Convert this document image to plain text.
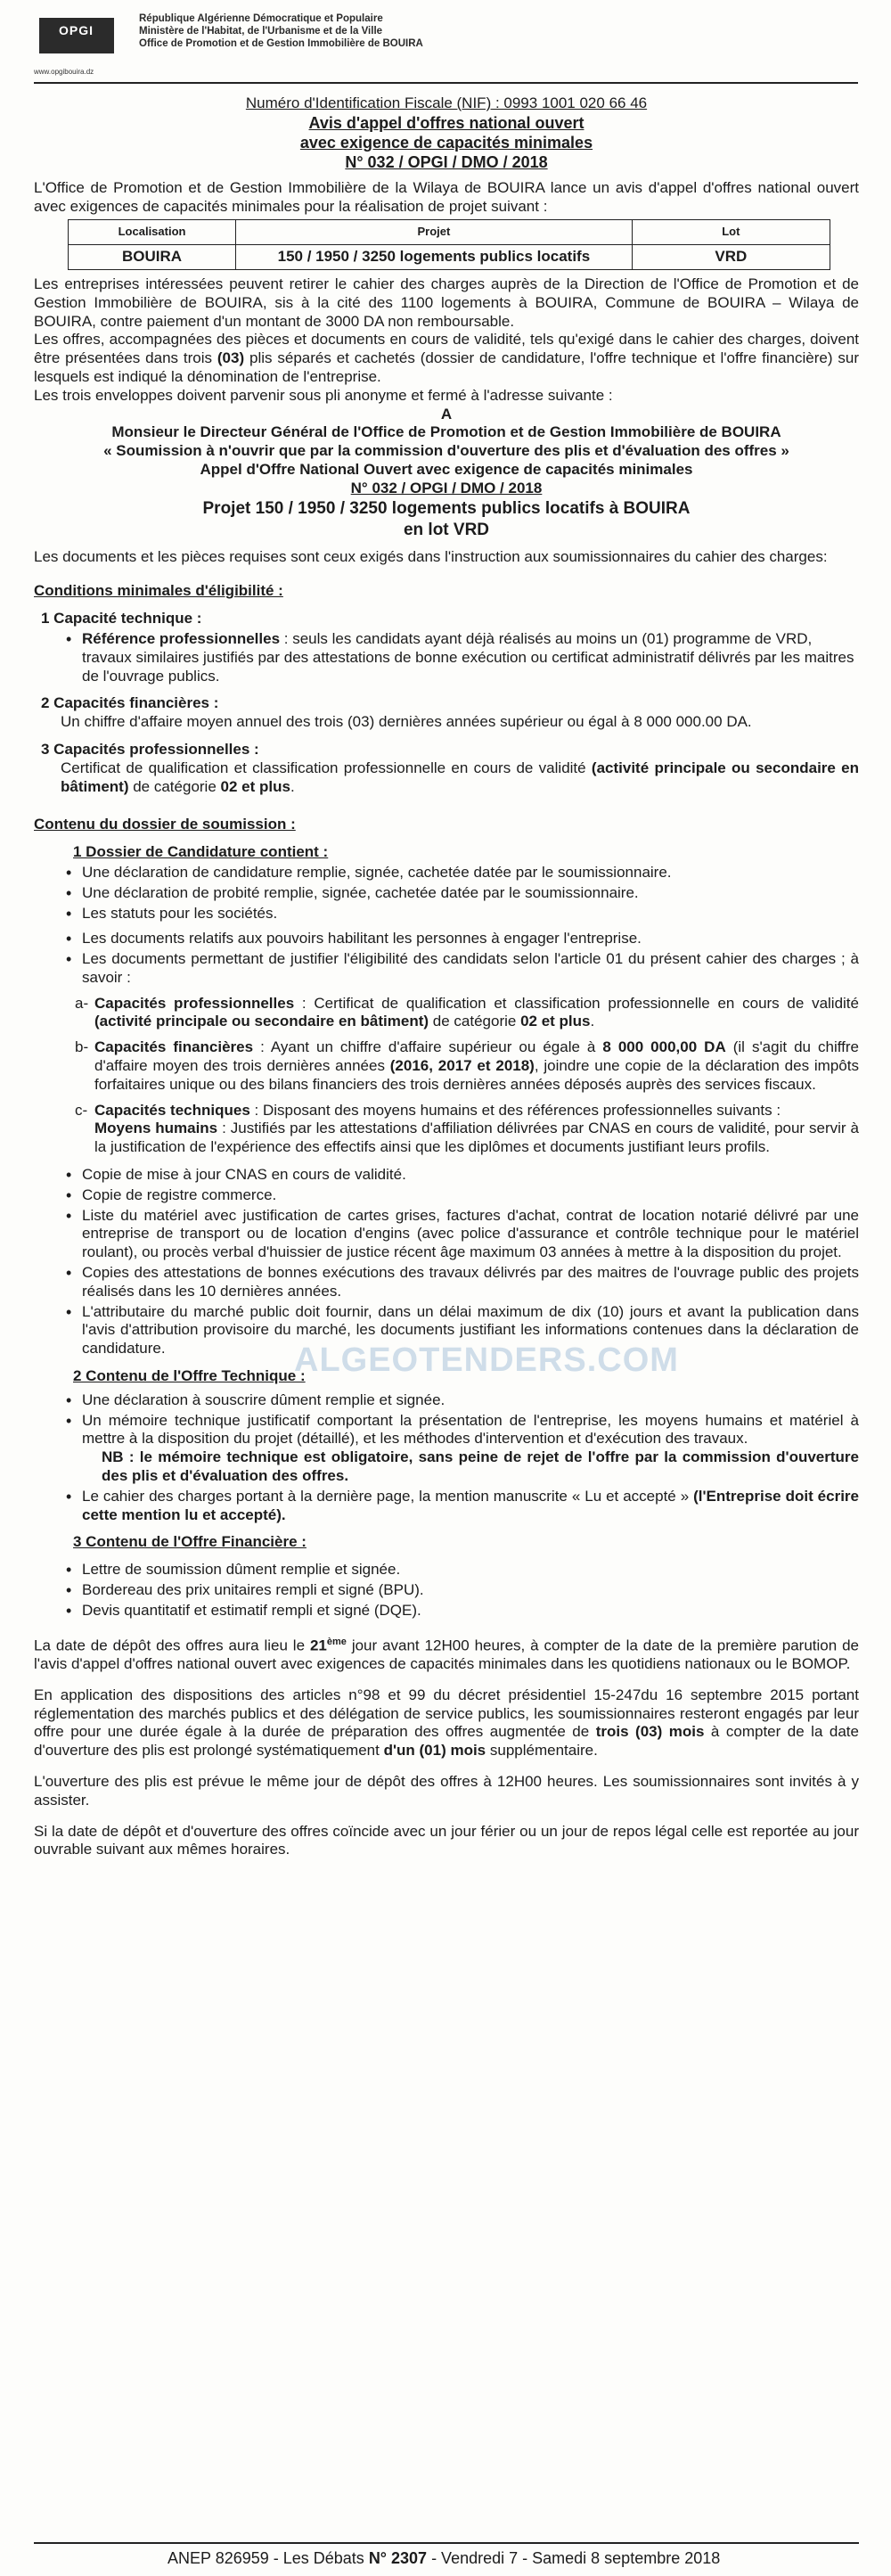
OPGI
www.opgibouira.dz
République Algérienne Démocratique et Populaire
Ministère de l'Habitat, de l'Urbanisme et de la Ville
Office de Promotion et de Gestion Immobilière de BOUIRA
Numéro d'Identification Fiscale (NIF) : 0993 1001 020 66 46
Avis d'appel d'offres national ouvert
avec exigence de capacités minimales
N° 032 / OPGI / DMO / 2018

L'Office de Promotion et de Gestion Immobilière de la Wilaya de BOUIRA lance un avis d'appel d'offres national ouvert avec exigences de capacités minimales pour la réalisation de projet suivant :

Localisation	Projet	Lot
BOUIRA	150 / 1950 / 3250 logements publics locatifs	VRD

Les entreprises intéressées peuvent retirer le cahier des charges auprès de la Direction de l'Office de Promotion et de Gestion Immobilière de BOUIRA, sis à la cité des 1100 logements à BOUIRA, Commune de BOUIRA – Wilaya de BOUIRA, contre paiement d'un montant de 3000 DA non remboursable.

Les offres, accompagnées des pièces et documents en cours de validité, tels qu'exigé dans le cahier des charges, doivent être présentées dans trois (03) plis séparés et cachetés (dossier de candidature, l'offre technique et l'offre financière) sur lesquels est indiqué la dénomination de l'entreprise.

Les trois enveloppes doivent parvenir sous pli anonyme et fermé à l'adresse suivante :

A
Monsieur le Directeur Général de l'Office de Promotion et de Gestion Immobilière de BOUIRA
« Soumission à n'ouvrir que par la commission d'ouverture des plis et d'évaluation des offres »
Appel d'Offre National Ouvert avec exigence de capacités minimales
N° 032 / OPGI / DMO / 2018
Projet 150 / 1950 / 3250 logements publics locatifs à BOUIRA
en lot VRD

Les documents et les pièces requises sont ceux exigés dans l'instruction aux soumissionnaires du cahier des charges:

Conditions minimales d'éligibilité :
1 Capacité technique :
• Référence professionnelles : seuls les candidats ayant déjà réalisés au moins un (01) programme de VRD, travaux similaires justifiés par des attestations de bonne exécution ou certificat administratif délivrés par les maitres de l'ouvrage publics.
2 Capacités financières :
Un chiffre d'affaire moyen annuel des trois (03) dernières années supérieur ou égal à 8 000 000.00 DA.
3 Capacités professionnelles :
Certificat de qualification et classification professionnelle en cours de validité (activité principale ou secondaire en bâtiment) de catégorie 02 et plus.
Contenu du dossier de soumission :
1 Dossier de Candidature contient :
• Une déclaration de candidature remplie, signée, cachetée datée par le soumissionnaire.
• Une déclaration de probité remplie, signée, cachetée datée par le soumissionnaire.
• Les statuts pour les sociétés.
• Les documents relatifs aux pouvoirs habilitant les personnes à engager l'entreprise.
• Les documents permettant de justifier l'éligibilité des candidats selon l'article 01 du présent cahier des charges ; à savoir :
a- Capacités professionnelles : Certificat de qualification et classification professionnelle en cours de validité (activité principale ou secondaire en bâtiment) de catégorie 02 et plus.
b- Capacités financières : Ayant un chiffre d'affaire supérieur ou égale à 8 000 000,00 DA (il s'agit du chiffre d'affaire moyen des trois dernières années (2016, 2017 et 2018), joindre une copie de la déclaration des impôts forfaitaires unique ou des bilans financiers des trois dernières années déposés auprès des services fiscaux.
c- Capacités techniques : Disposant des moyens humains et des références professionnelles suivants :
Moyens humains : Justifiés par les attestations d'affiliation délivrées par CNAS en cours de validité, pour servir à la justification de l'expérience des effectifs ainsi que les diplômes et documents justifiant leurs profils.
• Copie de mise à jour CNAS en cours de validité.
• Copie de registre commerce.
• Liste du matériel avec justification de cartes grises, factures d'achat, contrat de location notarié délivré par une entreprise de transport ou de location d'engins (avec police d'assurance et contrôle technique pour le matériel roulant), ou procès verbal d'huissier de justice récent âge maximum 03 années à mettre à la disposition du projet.
• Copies des attestations de bonnes exécutions des travaux délivrés par des maitres de l'ouvrage public des projets réalisés dans les 10 dernières années.
• L'attributaire du marché public doit fournir, dans un délai maximum de dix (10) jours et avant la publication dans l'avis d'attribution provisoire du marché, les documents justifiant les informations contenues dans la déclaration de candidature.
2 Contenu de l'Offre Technique :
• Une déclaration à souscrire dûment remplie et signée.
• Un mémoire technique justificatif comportant la présentation de l'entreprise, les moyens humains et matériel à mettre à la disposition du projet (détaillé), et les méthodes d'intervention et d'exécution des travaux.
NB : le mémoire technique est obligatoire, sans peine de rejet de l'offre par la commission d'ouverture des plis et d'évaluation des offres.
• Le cahier des charges portant à la dernière page, la mention manuscrite « Lu et accepté » (l'Entreprise doit écrire cette mention lu et accepté).
3 Contenu de l'Offre Financière :
• Lettre de soumission dûment remplie et signée.
• Bordereau des prix unitaires rempli et signé (BPU).
• Devis quantitatif et estimatif rempli et signé (DQE).

La date de dépôt des offres aura lieu le 21ème jour avant 12H00 heures, à compter de la date de la première parution de l'avis d'appel d'offres national ouvert avec exigences de capacités minimales dans les quotidiens nationaux ou le BOMOP.

En application des dispositions des articles n°98 et 99 du décret présidentiel 15-247du 16 septembre 2015 portant réglementation des marchés publics et des délégation de service publics, les soumissionnaires resteront engagés par leur offre pour une durée égale à la durée de préparation des offres augmentée de trois (03) mois à compter de la date d'ouverture des plis est prolongé systématiquement d'un (01) mois supplémentaire.

L'ouverture des plis est prévue le même jour de dépôt des offres à 12H00 heures. Les soumissionnaires sont invités à y assister.

Si la date de dépôt et d'ouverture des offres coïncide avec un jour férier ou un jour de repos légal celle est reportée au jour ouvrable suivant aux mêmes horaires.

ALGEOTENDERS.COM
ANEP 826959 - Les Débats N° 2307 - Vendredi 7 - Samedi 8 septembre 2018
